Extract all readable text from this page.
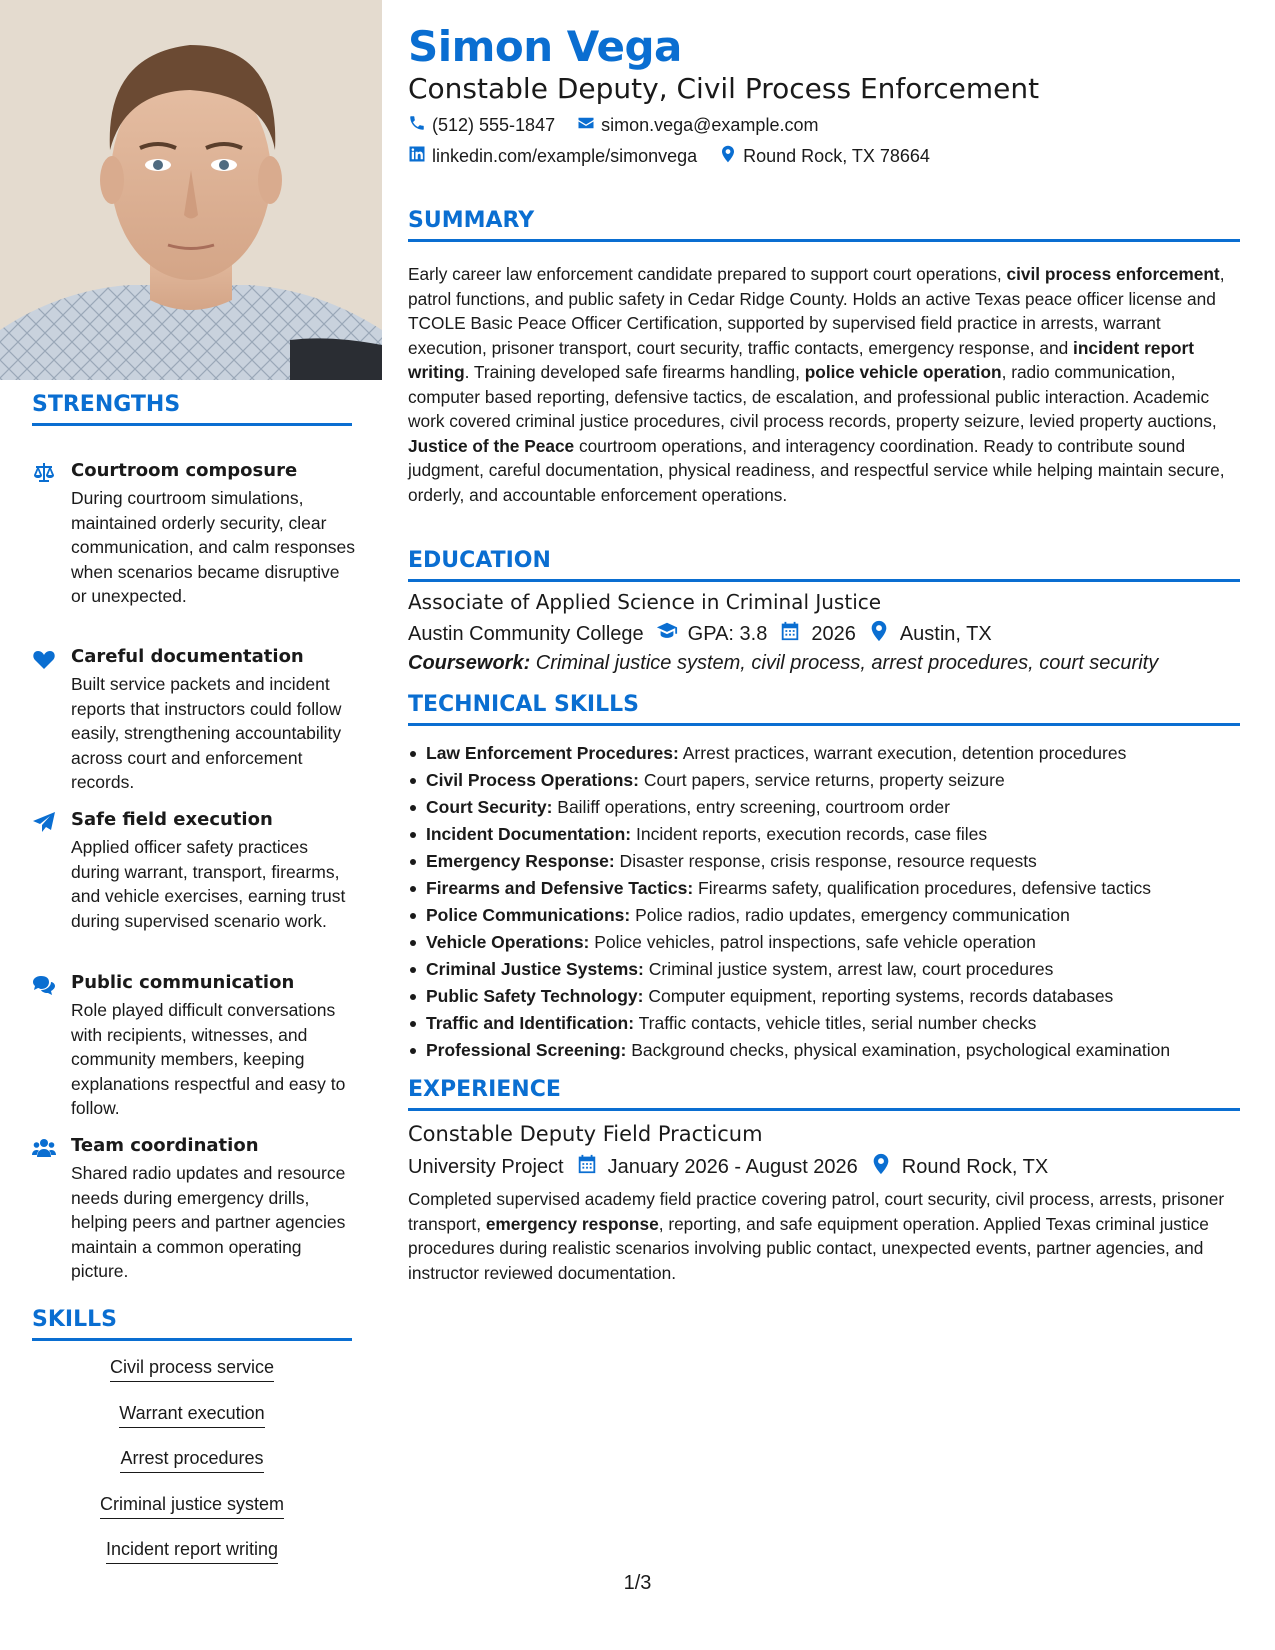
STRENGTHS
Courtroom composure
During courtroom simulations, maintained orderly security, clear communication, and calm responses when scenarios became disruptive or unexpected.
Careful documentation
Built service packets and incident reports that instructors could follow easily, strengthening accountability across court and enforcement records.
Safe field execution
Applied officer safety practices during warrant, transport, firearms, and vehicle exercises, earning trust during supervised scenario work.
Public communication
Role played difficult conversations with recipients, witnesses, and community members, keeping explanations respectful and easy to follow.
Team coordination
Shared radio updates and resource needs during emergency drills, helping peers and partner agencies maintain a common operating picture.
SKILLS
Civil process service
Warrant execution
Arrest procedures
Criminal justice system
Incident report writing
Simon Vega
Constable Deputy, Civil Process Enforcement
(512) 555-1847	simon.vega@example.com
linkedin.com/example/simonvega	Round Rock, TX 78664
SUMMARY
Early career law enforcement candidate prepared to support court operations, civil process enforcement, patrol functions, and public safety in Cedar Ridge County. Holds an active Texas peace officer license and TCOLE Basic Peace Officer Certification, supported by supervised field practice in arrests, warrant execution, prisoner transport, court security, traffic contacts, emergency response, and incident report writing. Training developed safe firearms handling, police vehicle operation, radio communication, computer based reporting, defensive tactics, de escalation, and professional public interaction. Academic work covered criminal justice procedures, civil process records, property seizure, levied property auctions, Justice of the Peace courtroom operations, and interagency coordination. Ready to contribute sound judgment, careful documentation, physical readiness, and respectful service while helping maintain secure, orderly, and accountable enforcement operations.
EDUCATION
Associate of Applied Science in Criminal Justice
Austin Community College GPA: 3.8 2026 Austin, TX
Coursework: Criminal justice system, civil process, arrest procedures, court security
TECHNICAL SKILLS
Law Enforcement Procedures: Arrest practices, warrant execution, detention procedures
Civil Process Operations: Court papers, service returns, property seizure
Court Security: Bailiff operations, entry screening, courtroom order
Incident Documentation: Incident reports, execution records, case files
Emergency Response: Disaster response, crisis response, resource requests
Firearms and Defensive Tactics: Firearms safety, qualification procedures, defensive tactics
Police Communications: Police radios, radio updates, emergency communication
Vehicle Operations: Police vehicles, patrol inspections, safe vehicle operation
Criminal Justice Systems: Criminal justice system, arrest law, court procedures
Public Safety Technology: Computer equipment, reporting systems, records databases
Traffic and Identification: Traffic contacts, vehicle titles, serial number checks
Professional Screening: Background checks, physical examination, psychological examination
EXPERIENCE
Constable Deputy Field Practicum
University Project January 2026 - August 2026 Round Rock, TX
Completed supervised academy field practice covering patrol, court security, civil process, arrests, prisoner transport, emergency response, reporting, and safe equipment operation. Applied Texas criminal justice procedures during realistic scenarios involving public contact, unexpected events, partner agencies, and instructor reviewed documentation.
1/3
